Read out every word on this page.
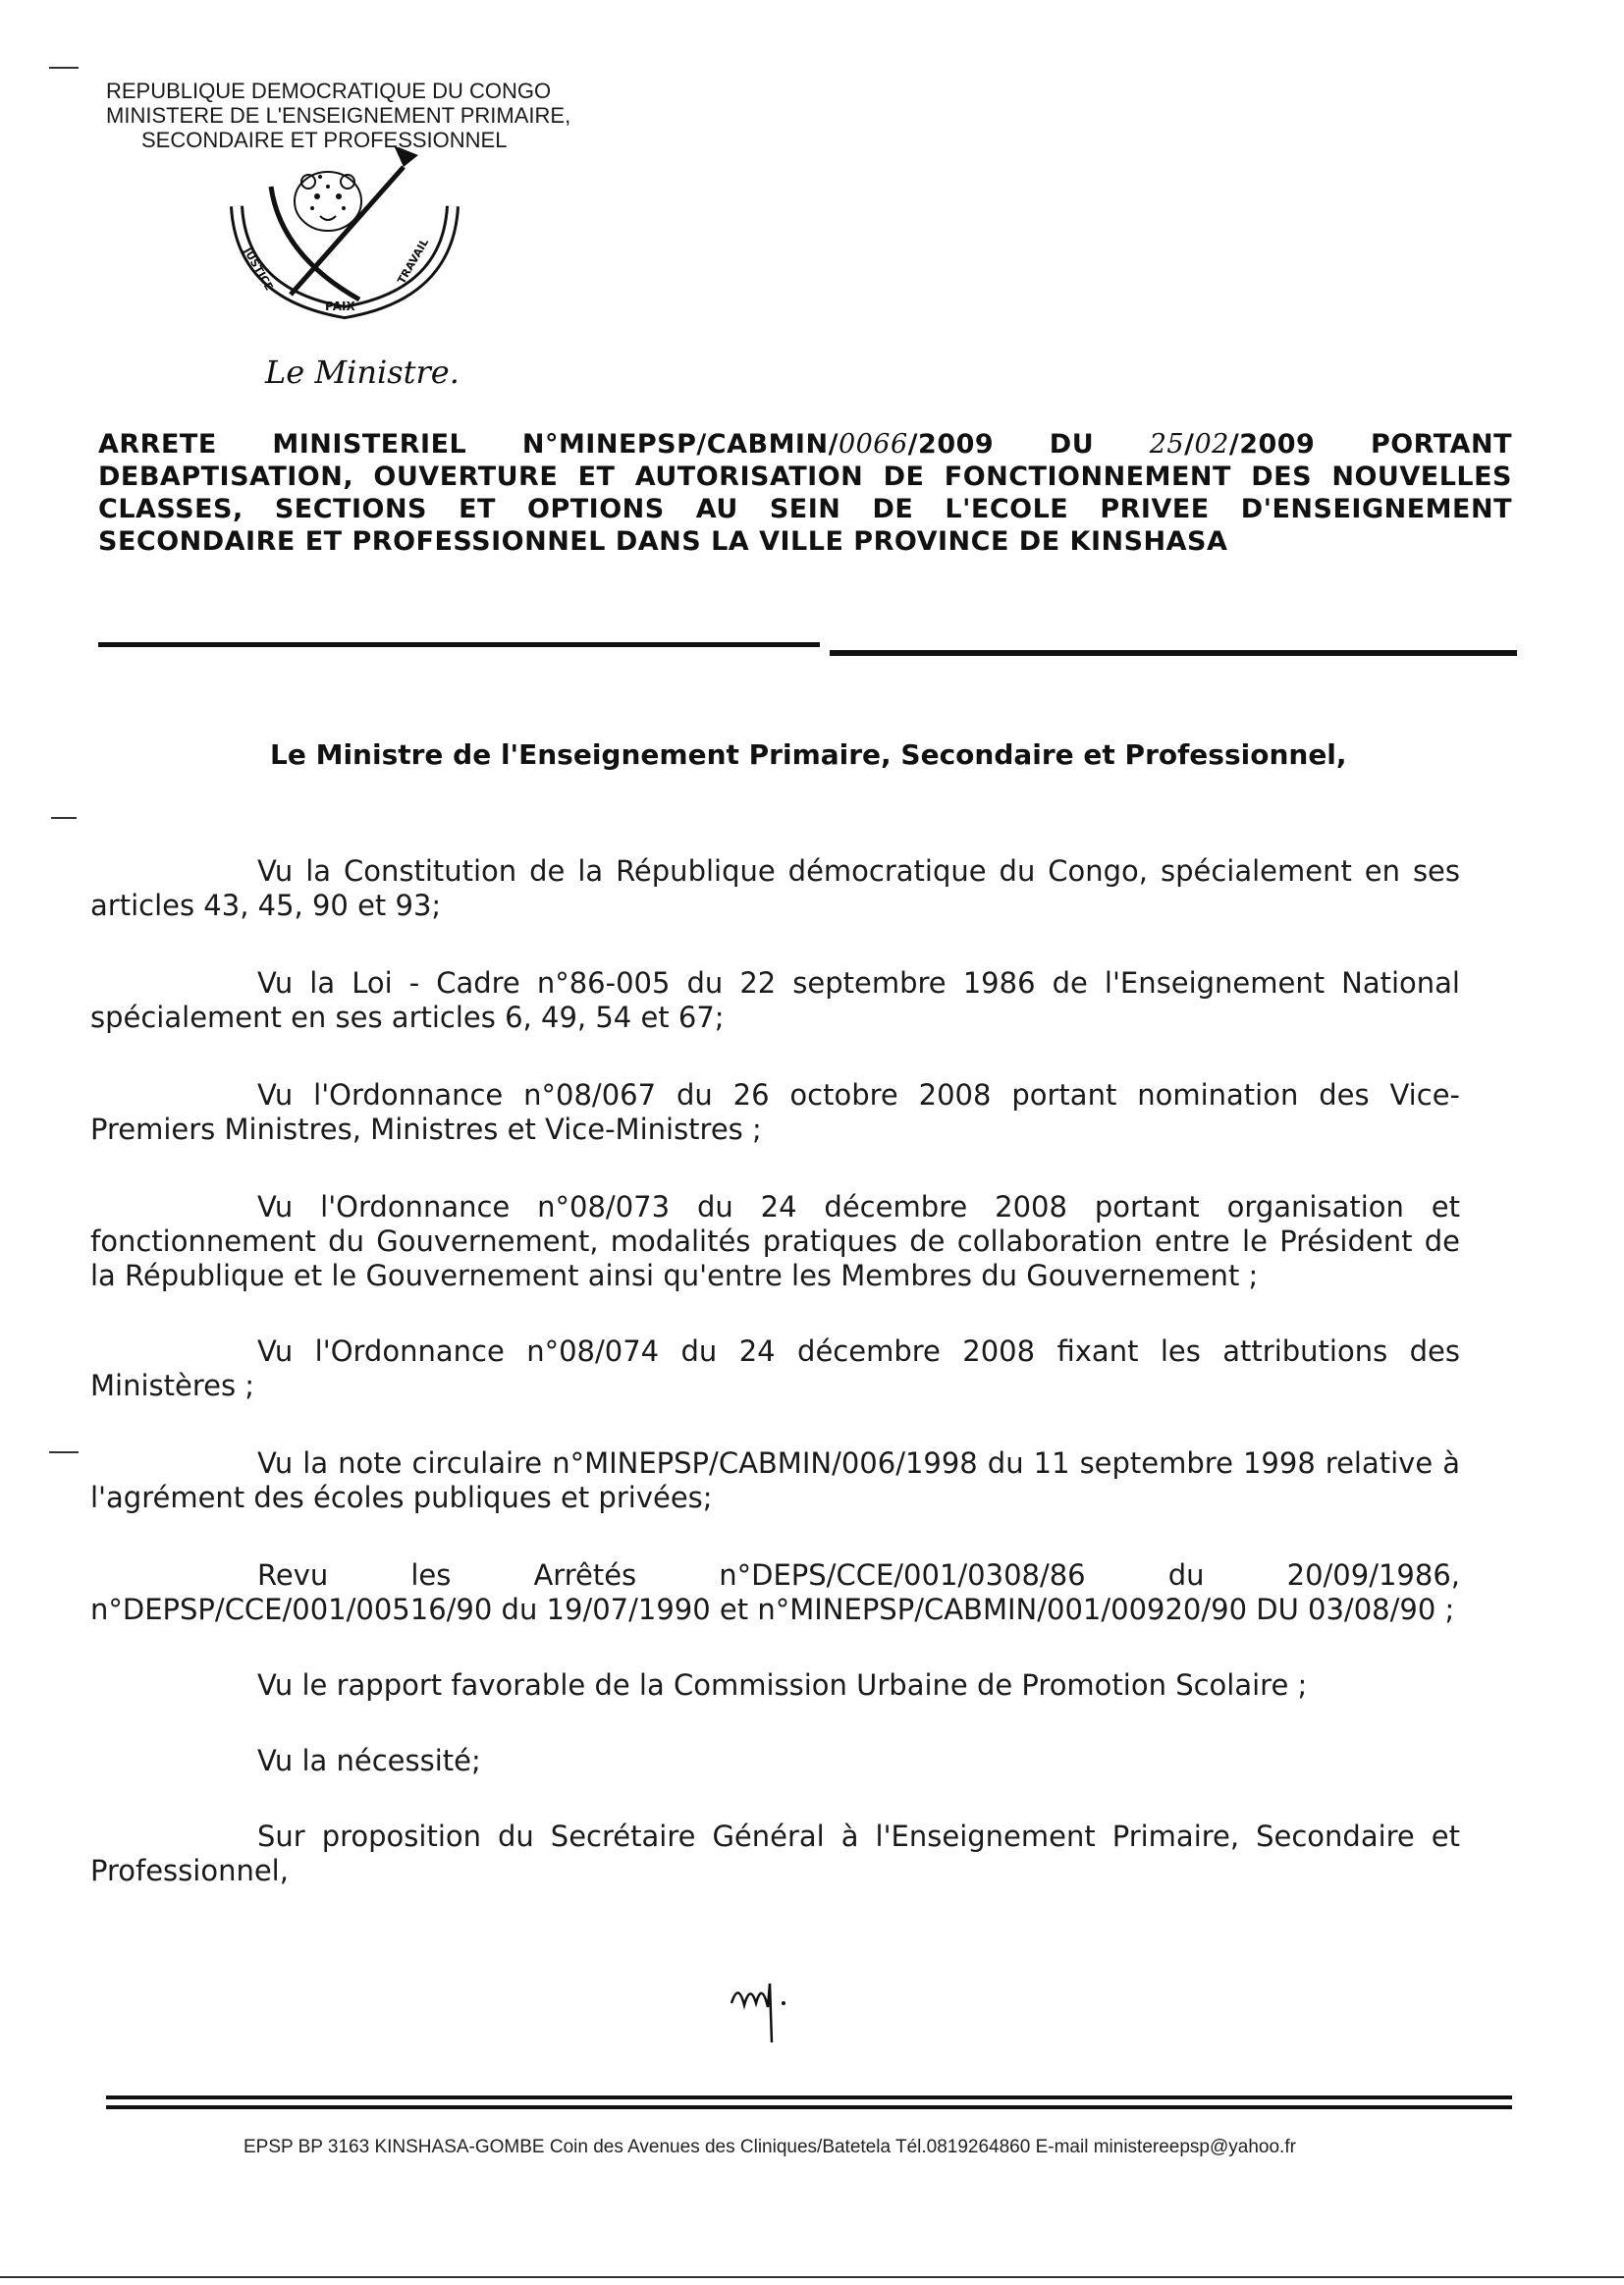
REPUBLIQUE DEMOCRATIQUE DU CONGO
MINISTERE DE L'ENSEIGNEMENT PRIMAIRE,
SECONDAIRE ET PROFESSIONNEL
JUSTICE
PAIX
TRAVAIL
Le Ministre.
ARRETE MINISTERIEL N°MINEPSP/CABMIN/0066/2009 DU 25/02/2009 PORTANT DEBAPTISATION, OUVERTURE ET AUTORISATION DE FONCTIONNEMENT DES NOUVELLES CLASSES, SECTIONS ET OPTIONS AU SEIN DE L'ECOLE PRIVEE D'ENSEIGNEMENT SECONDAIRE ET PROFESSIONNEL DANS LA VILLE PROVINCE DE KINSHASA
Le Ministre de l'Enseignement Primaire, Secondaire et Professionnel,

Vu la Constitution de la République démocratique du Congo, spécialement en ses articles 43, 45, 90 et 93;

Vu la Loi - Cadre n°86-005 du 22 septembre 1986 de l'Enseignement National spécialement en ses articles 6, 49, 54 et 67;

Vu l'Ordonnance n°08/067 du 26 octobre 2008 portant nomination des Vice-Premiers Ministres, Ministres et Vice-Ministres ;

Vu l'Ordonnance n°08/073 du 24 décembre 2008 portant organisation et fonctionnement du Gouvernement, modalités pratiques de collaboration entre le Président de la République et le Gouvernement ainsi qu'entre les Membres du Gouvernement ;

Vu l'Ordonnance n°08/074 du 24 décembre 2008 fixant les attributions des Ministères ;

Vu la note circulaire n°MINEPSP/CABMIN/006/1998 du 11 septembre 1998 relative à l'agrément des écoles publiques et privées;

Revu les Arrêtés n°DEPS/CCE/001/0308/86 du 20/09/1986, n°DEPSP/CCE/001/00516/90 du 19/07/1990 et n°MINEPSP/CABMIN/001/00920/90 DU 03/08/90 ;

Vu le rapport favorable de la Commission Urbaine de Promotion Scolaire ;

Vu la nécessité;

Sur proposition du Secrétaire Général à l'Enseignement Primaire, Secondaire et Professionnel,

EPSP BP 3163 KINSHASA-GOMBE Coin des Avenues des Cliniques/Batetela Tél.0819264860 E-mail ministereepsp@yahoo.fr
